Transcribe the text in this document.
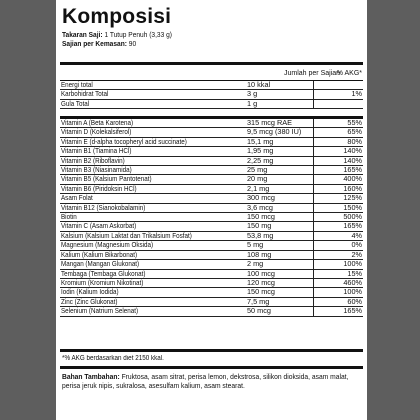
Komposisi
Takaran Saji: 1 Tutup Penuh (3,33 g)
Sajian per Kemasan: 90
Jumlah per Sajian
% AKG*
Energi total	10 kkal	
Karbohidrat Total	3 g	1%
Gula Total	1 g	
Vitamin A (Beta Karotena)	315 mcg RAE	55%
Vitamin D (Kolekalsiferol)	9,5 mcg (380 IU)	65%
Vitamin E (d-alpha tocopheryl acid succinate)	15,1 mg	80%
Vitamin B1 (Tiamina HCl)	1,95 mg	140%
Vitamin B2 (Riboflavin)	2,25 mg	140%
Vitamin B3 (Niasinamida)	25 mg	165%
Vitamin B5 (Kalsium Pantotenat)	20 mg	400%
Vitamin B6 (Piridoksin HCl)	2,1 mg	160%
Asam Folat	300 mcg	125%
Vitamin B12 (Sianokobalamin)	3,6 mcg	150%
Biotin	150 mcg	500%
Vitamin C (Asam Askorbat)	150 mg	165%
Kalsium (Kalsium Laktat dan Trikalsium Fosfat)	53,8 mg	4%
Magnesium (Magnesium Oksida)	5 mg	0%
Kalium (Kalium Bikarbonat)	108 mg	2%
Mangan (Mangan Glukonat)	2 mg	100%
Tembaga (Tembaga Glukonat)	100 mcg	15%
Kromium (Kromium Nikotinat)	120 mcg	460%
Iodin (Kalium Iodida)	150 mcg	100%
Zinc (Zinc Glukonat)	7,5 mg	60%
Selenium (Natrium Selenat)	50 mcg	165%
*% AKG berdasarkan diet 2150 kkal.
Bahan Tambahan: Fruktosa, asam sitrat, perisa lemon, dekstrosa, silikon dioksida, asam malat, perisa jeruk nipis, sukralosa, asesulfam kalium, asam stearat.
